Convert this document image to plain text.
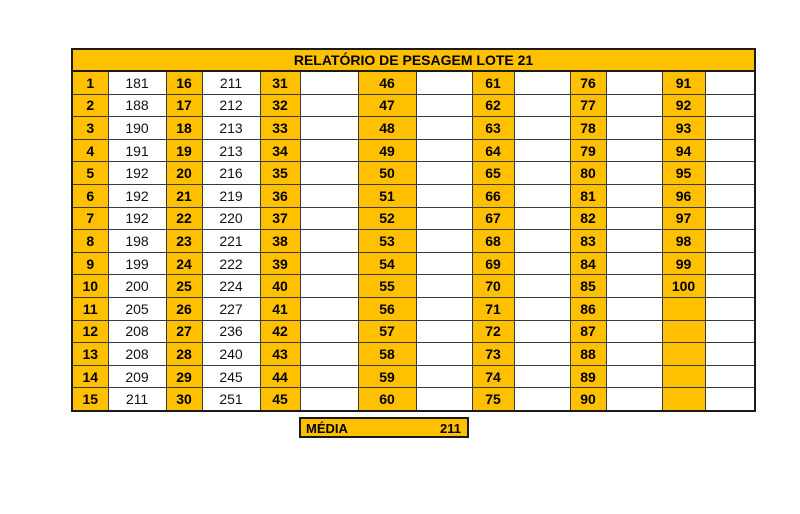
RELATÓRIO DE PESAGEM LOTE 21													
1	181	16	211	31		46		61		76		91	
2	188	17	212	32		47		62		77		92	
3	190	18	213	33		48		63		78		93	
4	191	19	213	34		49		64		79		94	
5	192	20	216	35		50		65		80		95	
6	192	21	219	36		51		66		81		96	
7	192	22	220	37		52		67		82		97	
8	198	23	221	38		53		68		83		98	
9	199	24	222	39		54		69		84		99	
10	200	25	224	40		55		70		85		100	
11	205	26	227	41		56		71		86			
12	208	27	236	42		57		72		87			
13	208	28	240	43		58		73		88			
14	209	29	245	44		59		74		89			
15	211	30	251	45		60		75		90			
MÉDIA	211
